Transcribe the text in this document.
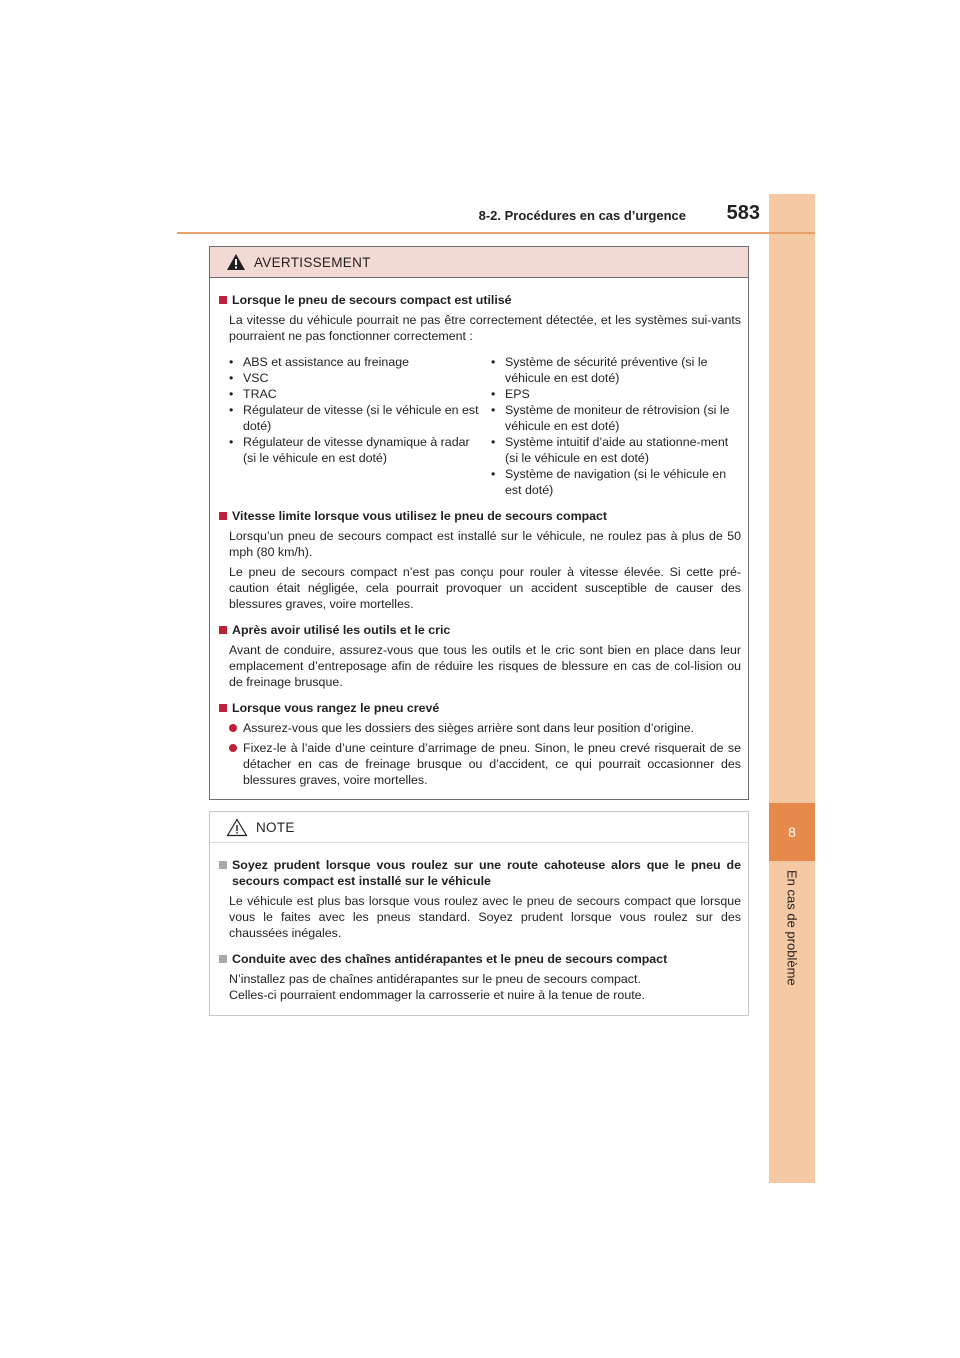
8
En cas de problème
8-2. Procédures en cas d’urgence	583
AVERTISSEMENT
Lorsque le pneu de secours compact est utilisé
La vitesse du véhicule pourrait ne pas être correctement détectée, et les systèmes sui-vants pourraient ne pas fonctionner correctement :
• ABS et assistance au freinage
• VSC
• TRAC
• Régulateur de vitesse (si le véhicule en est doté)
• Régulateur de vitesse dynamique à radar (si le véhicule en est doté)
• Système de sécurité préventive (si le véhicule en est doté)
• EPS
• Système de moniteur de rétrovision (si le véhicule en est doté)
• Système intuitif d’aide au stationne-ment (si le véhicule en est doté)
• Système de navigation (si le véhicule en est doté)
Vitesse limite lorsque vous utilisez le pneu de secours compact
Lorsqu’un pneu de secours compact est installé sur le véhicule, ne roulez pas à plus de 50 mph (80 km/h).
Le pneu de secours compact n’est pas conçu pour rouler à vitesse élevée. Si cette pré-caution était négligée, cela pourrait provoquer un accident susceptible de causer des blessures graves, voire mortelles.
Après avoir utilisé les outils et le cric
Avant de conduire, assurez-vous que tous les outils et le cric sont bien en place dans leur emplacement d’entreposage afin de réduire les risques de blessure en cas de col-lision ou de freinage brusque.
Lorsque vous rangez le pneu crevé
Assurez-vous que les dossiers des sièges arrière sont dans leur position d’origine.
Fixez-le à l’aide d’une ceinture d’arrimage de pneu. Sinon, le pneu crevé risquerait de se détacher en cas de freinage brusque ou d’accident, ce qui pourrait occasionner des blessures graves, voire mortelles.
NOTE
Soyez prudent lorsque vous roulez sur une route cahoteuse alors que le pneu de secours compact est installé sur le véhicule
Le véhicule est plus bas lorsque vous roulez avec le pneu de secours compact que lorsque vous le faites avec les pneus standard. Soyez prudent lorsque vous roulez sur des chaussées inégales.
Conduite avec des chaînes antidérapantes et le pneu de secours compact
N’installez pas de chaînes antidérapantes sur le pneu de secours compact.
Celles-ci pourraient endommager la carrosserie et nuire à la tenue de route.
